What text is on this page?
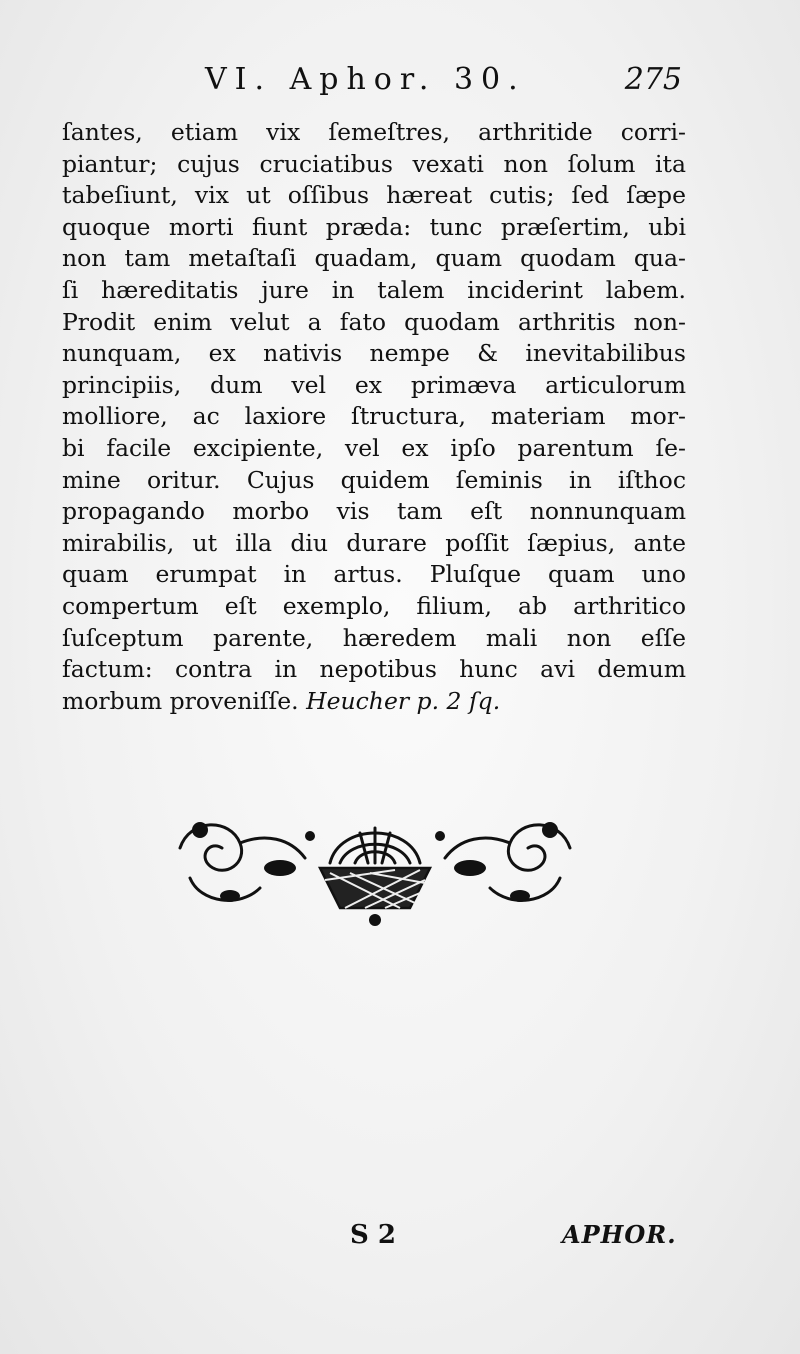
VI. Aphor. 30.	275
ſantes, etiam vix ſemeſtres, arthritide corri-
piantur; cujus cruciatibus vexati non ſolum ita
tabeſiunt, vix ut oſſibus hæreat cutis; ſed ſæpe
quoque morti fiunt præda: tunc præſertim, ubi
non tam metaſtaſi quadam, quam quodam qua-
ſi hæreditatis jure in talem inciderint labem.
Prodit enim velut a fato quodam arthritis non-
nunquam, ex nativis nempe & inevitabilibus
principiis, dum vel ex primæva articulorum
molliore, ac laxiore ſtructura, materiam mor-
bi facile excipiente, vel ex ipſo parentum ſe-
mine oritur. Cujus quidem ſeminis in iſthoc
propagando morbo vis tam eſt nonnunquam
mirabilis, ut illa diu durare poſſit ſæpius, ante
quam erumpat in artus. Pluſque quam uno
compertum eſt exemplo, filium, ab arthritico
ſuſceptum parente, hæredem mali non eſſe
factum: contra in nepotibus hunc avi demum
morbum proveniſſe. Heucher p. 2 ſq.
S 2	APHOR.
